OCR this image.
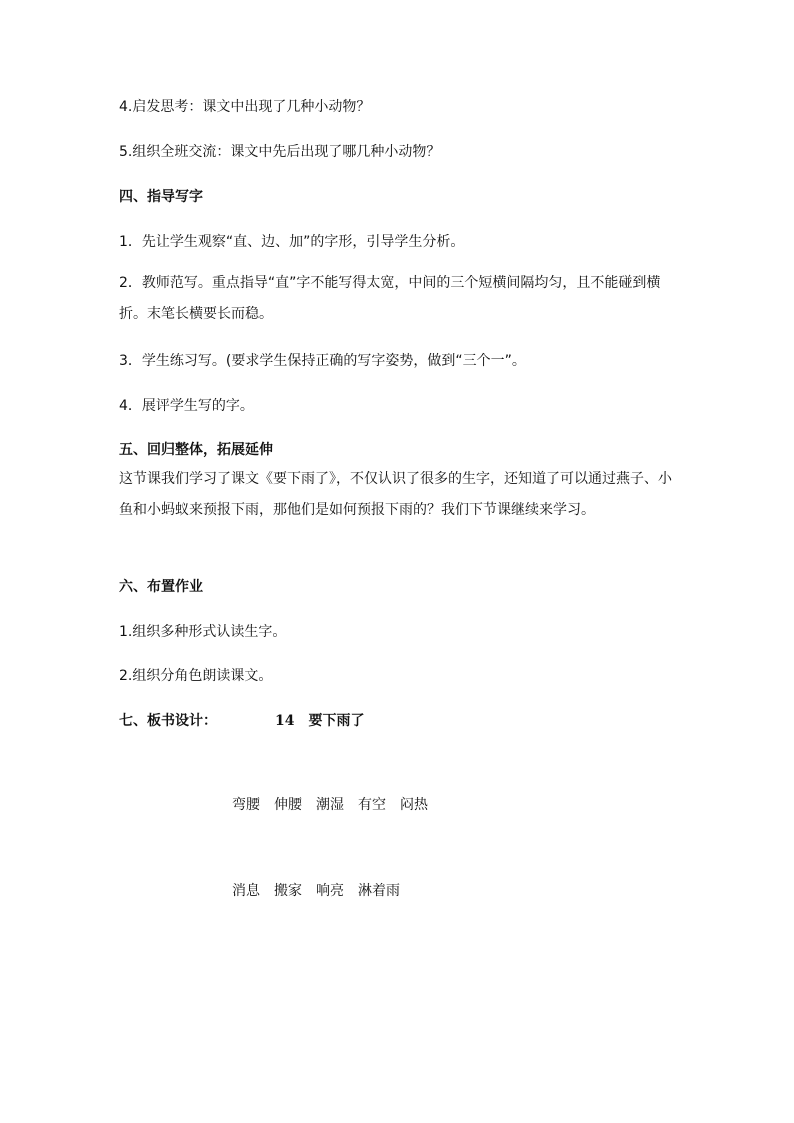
4.启发思考：课文中出现了几种小动物？
5.组织全班交流：课文中先后出现了哪几种小动物？
四、指导写字
1．先让学生观察“直、边、加”的字形，引导学生分析。
2．教师范写。重点指导“直”字不能写得太宽，中间的三个短横间隔均匀，且不能碰到横折。末笔长横要长而稳。
3．学生练习写。(要求学生保持正确的写字姿势，做到“三个一”。
4．展评学生写的字。
五、回归整体，拓展延伸
这节课我们学习了课文《要下雨了》，不仅认识了很多的生字，还知道了可以通过燕子、小鱼和小蚂蚁来预报下雨，那他们是如何预报下雨的？我们下节课继续来学习。
六、布置作业
1.组织多种形式认读生字。
2.组织分角色朗读课文。
七、板书设计：	14 要下雨了
弯腰 伸腰 潮湿 有空 闷热
消息 搬家 响亮 淋着雨
